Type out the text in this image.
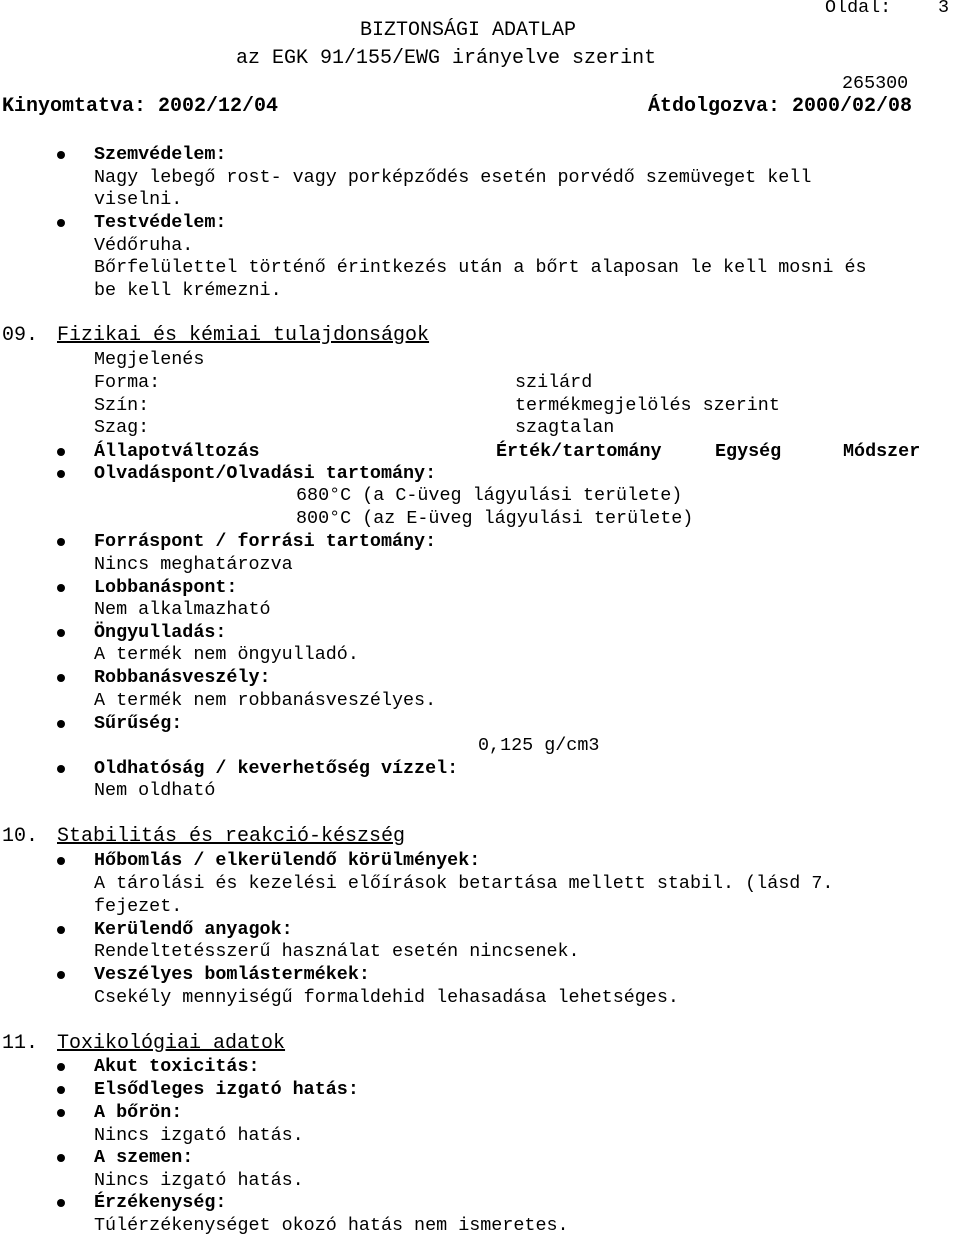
BIZTONSÁGI ADATLAP
az EGK 91/155/EWG irányelve szerint
Oldal:	3
265300
Kinyomtatva: 2002/12/04	Átdolgozva: 2000/02/08
Szemvédelem:
Nagy lebegő rost- vagy porképződés esetén porvédő szemüveget kell
viselni.
Testvédelem:
Védőruha.
Bőrfelülettel történő érintkezés után a bőrt alaposan le kell mosni és
be kell krémezni.
09. Fizikai és kémiai tulajdonságok
Megjelenés
Forma:	szilárd
Szín:	termékmegjelölés szerint
Szag:	szagtalan
Állapotváltozás	Érték/tartomány	Egység	Módszer
Olvadáspont/Olvadási tartomány:
680°C (a C-üveg lágyulási területe)
800°C (az E-üveg lágyulási területe)
Forráspont / forrási tartomány:
Nincs meghatározva
Lobbanáspont:
Nem alkalmazható
Öngyulladás:
A termék nem öngyulladó.
Robbanásveszély:
A termék nem robbanásveszélyes.
Sűrűség:
0,125 g/cm3
Oldhatóság / keverhetőség vízzel:
Nem oldható
10. Stabilitás és reakció-készség
Hőbomlás / elkerülendő körülmények:
A tárolási és kezelési előírások betartása mellett stabil. (lásd 7.
fejezet.
Kerülendő anyagok:
Rendeltetésszerű használat esetén nincsenek.
Veszélyes bomlástermékek:
Csekély mennyiségű formaldehid lehasadása lehetséges.
11. Toxikológiai adatok
Akut toxicitás:
Elsődleges izgató hatás:
A bőrön:
Nincs izgató hatás.
A szemen:
Nincs izgató hatás.
Érzékenység:
Túlérzékenységet okozó hatás nem ismeretes.
